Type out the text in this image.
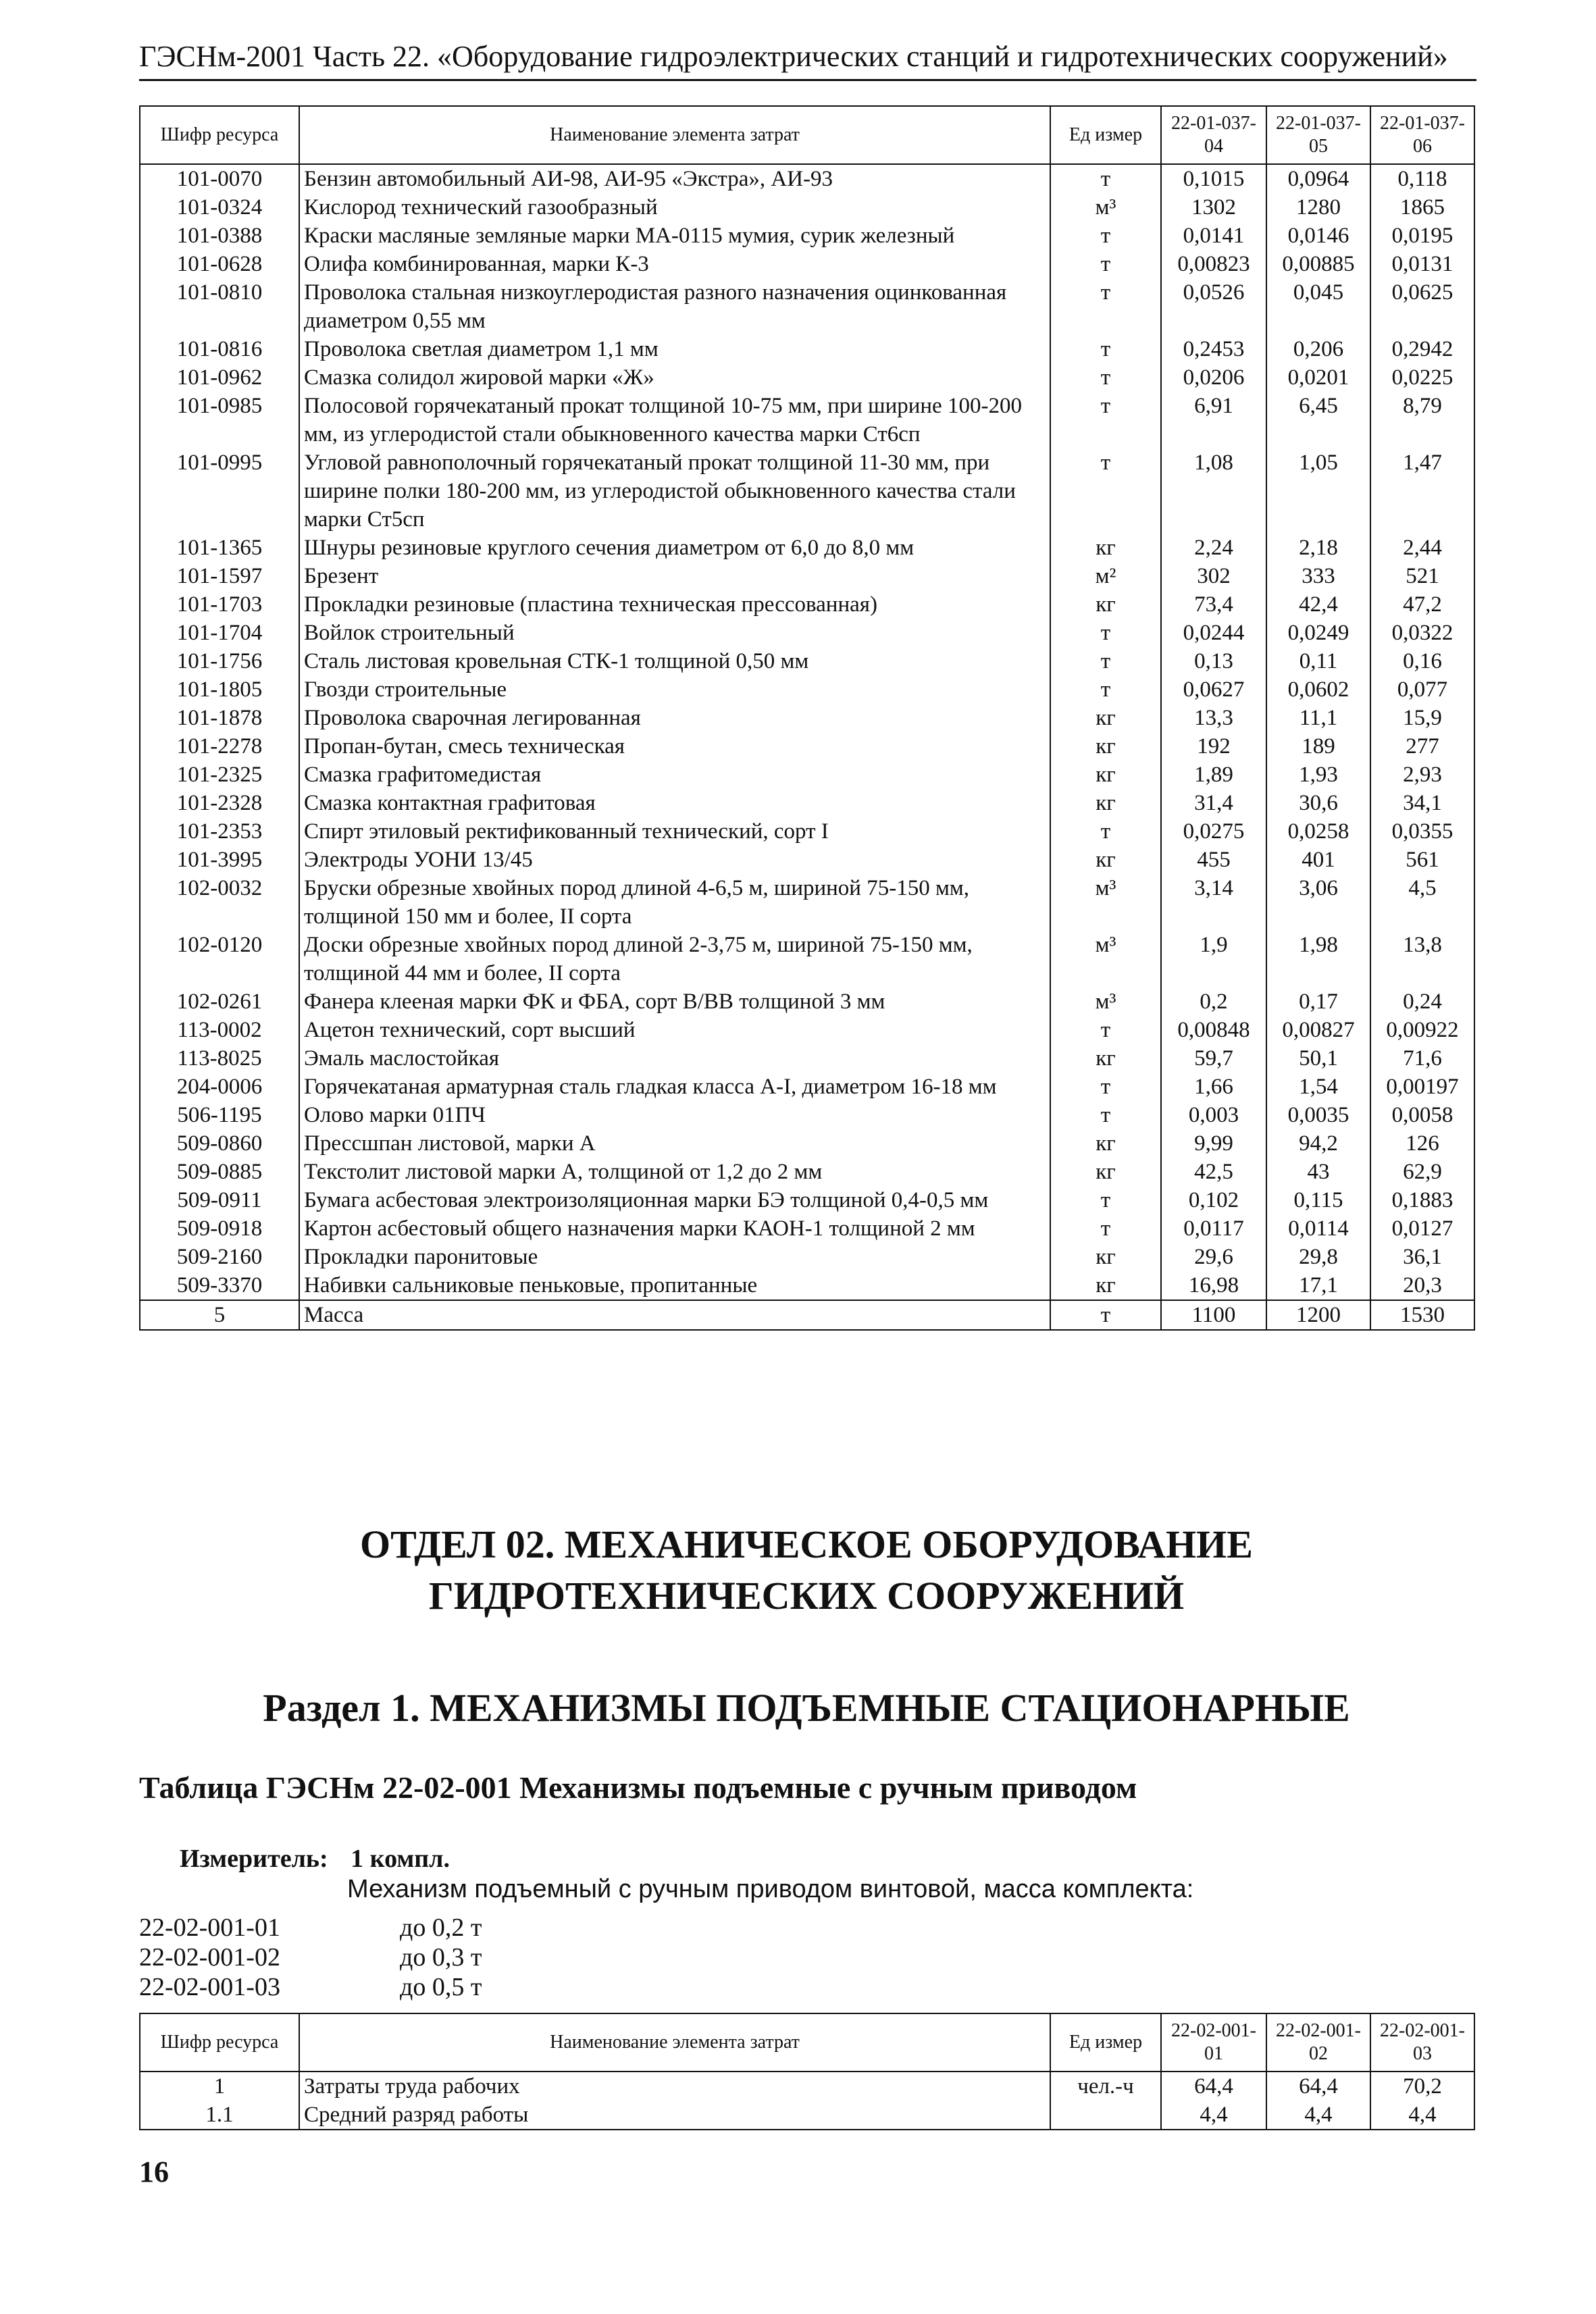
ГЭСНм-2001 Часть 22. «Оборудование гидроэлектрических станций и гидротехнических сооружений»
Шифр ресурса	Наименование элемента затрат	Ед измер	22-01-037-04	22-01-037-05	22-01-037-06
101-0070	Бензин автомобильный АИ-98, АИ-95 «Экстра», АИ-93	т	0,1015	0,0964	0,118
101-0324	Кислород технический газообразный	м³	1302	1280	1865
101-0388	Краски масляные земляные марки МА-0115 мумия, сурик железный	т	0,0141	0,0146	0,0195
101-0628	Олифа комбинированная, марки К-3	т	0,00823	0,00885	0,0131
101-0810	Проволока стальная низкоуглеродистая разного назначения оцинкованная диаметром 0,55 мм	т	0,0526	0,045	0,0625
101-0816	Проволока светлая диаметром 1,1 мм	т	0,2453	0,206	0,2942
101-0962	Смазка солидол жировой марки «Ж»	т	0,0206	0,0201	0,0225
101-0985	Полосовой горячекатаный прокат толщиной 10-75 мм, при ширине 100-200 мм, из углеродистой стали обыкновенного качества марки Ст6сп	т	6,91	6,45	8,79
101-0995	Угловой равнополочный горячекатаный прокат толщиной 11-30 мм, при ширине полки 180-200 мм, из углеродистой обыкновенного качества стали марки Ст5сп	т	1,08	1,05	1,47
101-1365	Шнуры резиновые круглого сечения диаметром от 6,0 до 8,0 мм	кг	2,24	2,18	2,44
101-1597	Брезент	м²	302	333	521
101-1703	Прокладки резиновые (пластина техническая прессованная)	кг	73,4	42,4	47,2
101-1704	Войлок строительный	т	0,0244	0,0249	0,0322
101-1756	Сталь листовая кровельная СТК-1 толщиной 0,50 мм	т	0,13	0,11	0,16
101-1805	Гвозди строительные	т	0,0627	0,0602	0,077
101-1878	Проволока сварочная легированная	кг	13,3	11,1	15,9
101-2278	Пропан-бутан, смесь техническая	кг	192	189	277
101-2325	Смазка графитомедистая	кг	1,89	1,93	2,93
101-2328	Смазка контактная графитовая	кг	31,4	30,6	34,1
101-2353	Спирт этиловый ректификованный технический, сорт I	т	0,0275	0,0258	0,0355
101-3995	Электроды УОНИ 13/45	кг	455	401	561
102-0032	Бруски обрезные хвойных пород длиной 4-6,5 м, шириной 75-150 мм, толщиной 150 мм и более, II сорта	м³	3,14	3,06	4,5
102-0120	Доски обрезные хвойных пород длиной 2-3,75 м, шириной 75-150 мм, толщиной 44 мм и более, II сорта	м³	1,9	1,98	13,8
102-0261	Фанера клееная марки ФК и ФБА, сорт В/ВВ толщиной 3 мм	м³	0,2	0,17	0,24
113-0002	Ацетон технический, сорт высший	т	0,00848	0,00827	0,00922
113-8025	Эмаль маслостойкая	кг	59,7	50,1	71,6
204-0006	Горячекатаная арматурная сталь гладкая класса А-I, диаметром 16-18 мм	т	1,66	1,54	0,00197
506-1195	Олово марки 01ПЧ	т	0,003	0,0035	0,0058
509-0860	Прессшпан листовой, марки А	кг	9,99	94,2	126
509-0885	Текстолит листовой марки А, толщиной от 1,2 до 2 мм	кг	42,5	43	62,9
509-0911	Бумага асбестовая электроизоляционная марки БЭ толщиной 0,4-0,5 мм	т	0,102	0,115	0,1883
509-0918	Картон асбестовый общего назначения марки КАОН-1 толщиной 2 мм	т	0,0117	0,0114	0,0127
509-2160	Прокладки паронитовые	кг	29,6	29,8	36,1
509-3370	Набивки сальниковые пеньковые, пропитанные	кг	16,98	17,1	20,3
5	Масса	т	1100	1200	1530
ОТДЕЛ 02. МЕХАНИЧЕСКОЕ ОБОРУДОВАНИЕ
ГИДРОТЕХНИЧЕСКИХ СООРУЖЕНИЙ
Раздел 1. МЕХАНИЗМЫ ПОДЪЕМНЫЕ СТАЦИОНАРНЫЕ
Таблица ГЭСНм 22-02-001 Механизмы подъемные с ручным приводом
Измеритель: 1 компл.
Механизм подъемный с ручным приводом винтовой, масса комплекта:
22-02-001-01	до 0,2 т
22-02-001-02	до 0,3 т
22-02-001-03	до 0,5 т
Шифр ресурса	Наименование элемента затрат	Ед измер	22-02-001-01	22-02-001-02	22-02-001-03
1	Затраты труда рабочих	чел.-ч	64,4	64,4	70,2
1.1	Средний разряд работы		4,4	4,4	4,4
16
